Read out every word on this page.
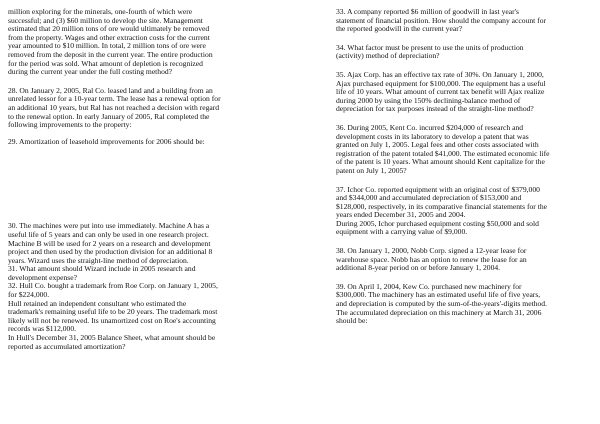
million exploring for the minerals, one-fourth of which were
successful; and (3) $60 million to develop the site. Management
estimated that 20 million tons of ore would ultimately be removed
from the property. Wages and other extraction costs for the current
year amounted to $10 million. In total, 2 million tons of ore were
removed from the deposit in the current year. The entire production
for the period was sold. What amount of depletion is recognized
during the current year under the full costing method?

28. On January 2, 2005, Ral Co. leased land and a building from an
unrelated lessor for a 10-year term. The lease has a renewal option for
an additional 10 years, but Ral has not reached a decision with regard
to the renewal option. In early January of 2005, Ral completed the
following improvements to the property:

29. Amortization of leasehold improvements for 2006 should be:

30. The machines were put into use immediately. Machine A has a
useful life of 5 years and can only be used in one research project.
Machine B will be used for 2 years on a research and development
project and then used by the production division for an additional 8
years. Wizard uses the straight-line method of depreciation.
31. What amount should Wizard include in 2005 research and
development expense?
32. Hull Co. bought a trademark from Roe Corp. on January 1, 2005,
for $224,000.
Hull retained an independent consultant who estimated the
trademark's remaining useful life to be 20 years. The trademark most
likely will not be renewed. Its unamortized cost on Roe's accounting
records was $112,000.
In Hull's December 31, 2005 Balance Sheet, what amount should be
reported as accumulated amortization?

33. A company reported $6 million of goodwill in last year's
statement of financial position. How should the company account for
the reported goodwill in the current year?

34. What factor must be present to use the units of production
(activity) method of depreciation?

35. Ajax Corp. has an effective tax rate of 30%. On January 1, 2000,
Ajax purchased equipment for $100,000. The equipment has a useful
life of 10 years. What amount of current tax benefit will Ajax realize
during 2000 by using the 150% declining-balance method of
depreciation for tax purposes instead of the straight-line method?

36. During 2005, Kent Co. incurred $204,000 of research and
development costs in its laboratory to develop a patent that was
granted on July 1, 2005. Legal fees and other costs associated with
registration of the patent totaled $41,000. The estimated economic life
of the patent is 10 years. What amount should Kent capitalize for the
patent on July 1, 2005?

37. Ichor Co. reported equipment with an original cost of $379,000
and $344,000 and accumulated depreciation of $153,000 and
$128,000, respectively, in its comparative financial statements for the
years ended December 31, 2005 and 2004.
During 2005, Ichor purchased equipment costing $50,000 and sold
equipment with a carrying value of $9,000.

38. On January 1, 2000, Nobb Corp. signed a 12-year lease for
warehouse space. Nobb has an option to renew the lease for an
additional 8-year period on or before January 1, 2004.

39. On April 1, 2004, Kew Co. purchased new machinery for
$300,000. The machinery has an estimated useful life of five years,
and depreciation is computed by the sum-of-the-years'-digits method.
The accumulated depreciation on this machinery at March 31, 2006
should be:
